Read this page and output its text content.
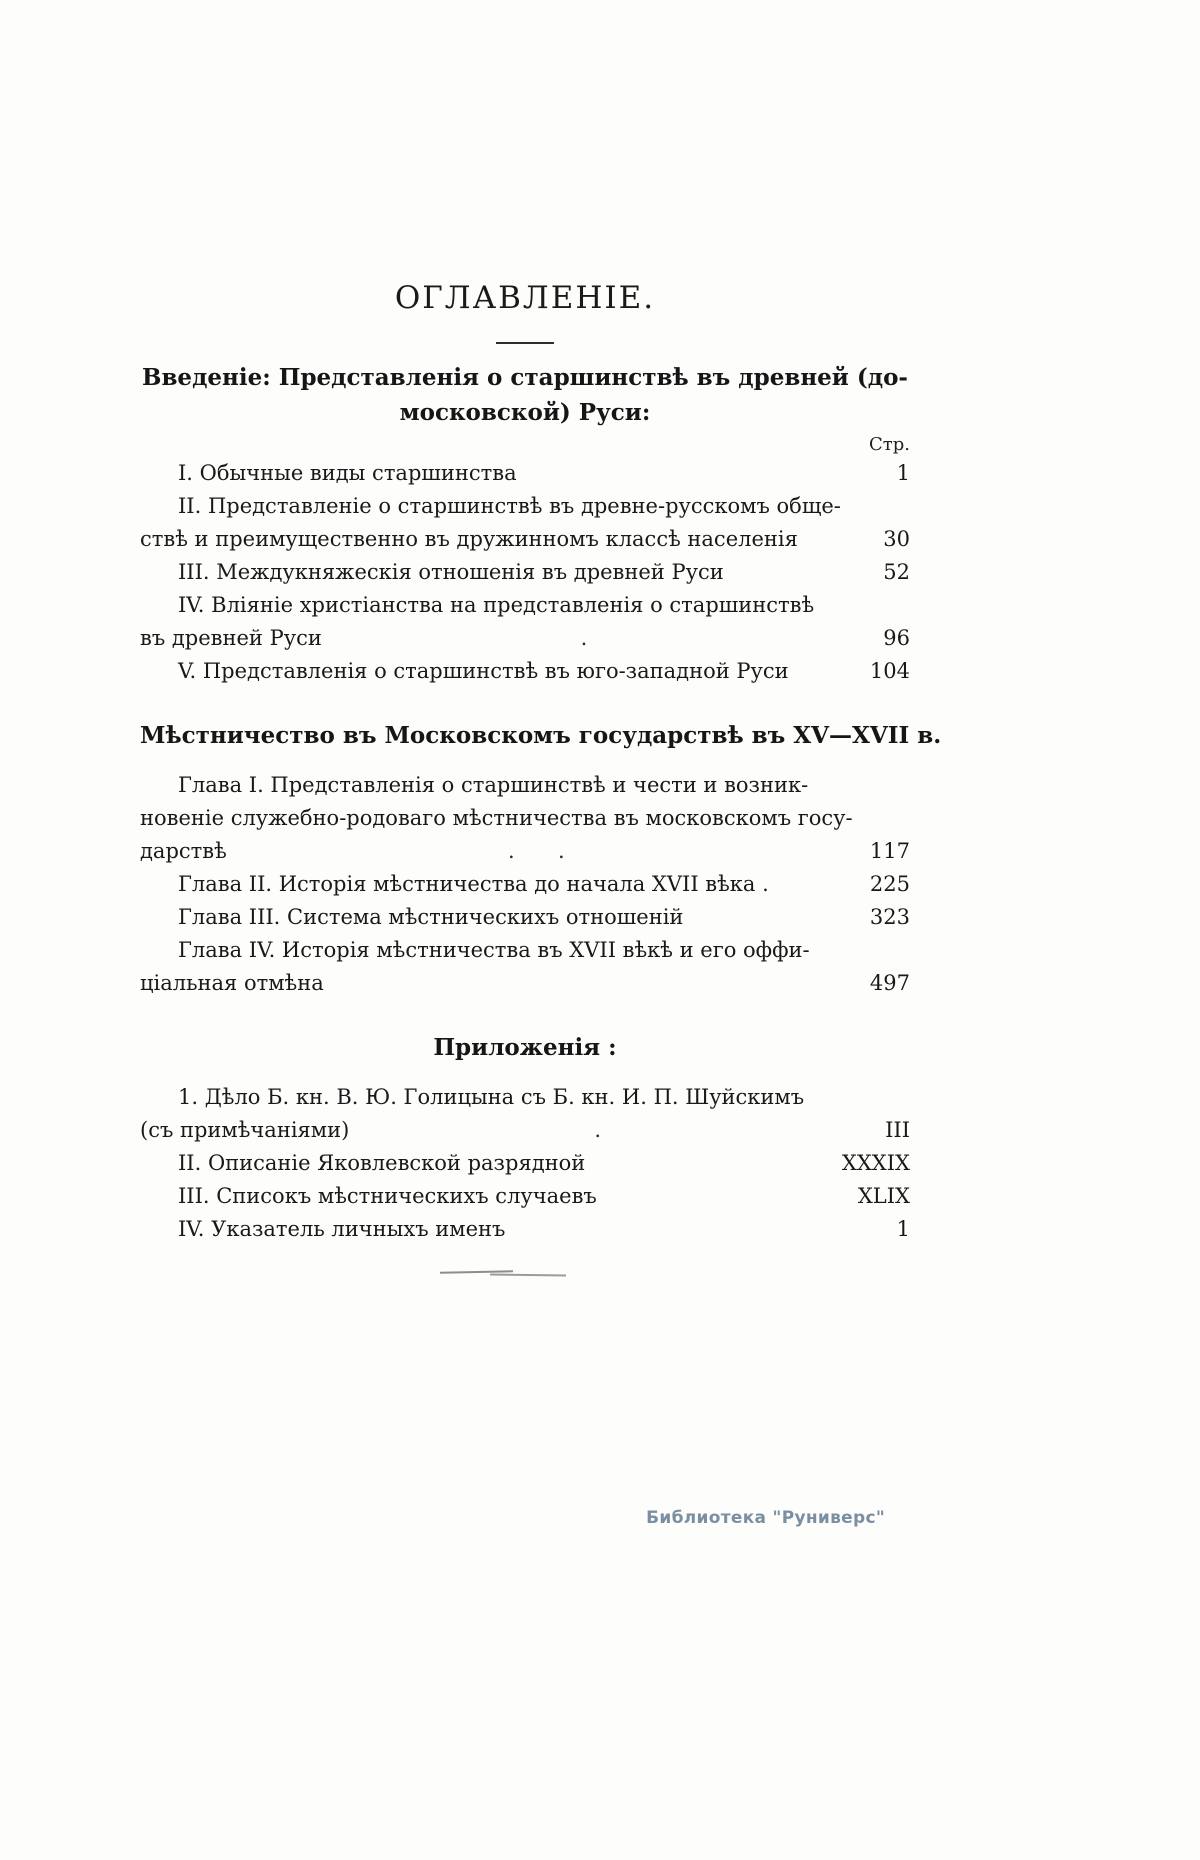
ОГЛАВЛЕНІЕ.
Введеніе: Представленія о старшинствѣ въ древней (до-
московской) Руси:
Стр.
I. Обычные виды старшинства	1
II. Представленіе о старшинствѣ въ древне-русскомъ обще-
ствѣ и преимущественно въ дружинномъ классѣ населенія	30
III. Междукняжескія отношенія въ древней Руси	52
IV. Вліяніе христіанства на представленія о старшинствѣ
въ древней Руси	.	96
V. Представленія о старшинствѣ въ юго-западной Руси	104
Мѣстничество въ Московскомъ государствѣ въ XV—XVII в.
Глава I. Представленія о старшинствѣ и чести и возник-
новеніе служебно-родоваго мѣстничества въ московскомъ госу-
дарствѣ	.  .	117
Глава II. Исторія мѣстничества до начала XVII вѣка .	225
Глава III. Система мѣстническихъ отношеній	323
Глава IV. Исторія мѣстничества въ XVII вѣкѣ и его оффи-
ціальная отмѣна	497
Приложенія :
1. Дѣло Б. кн. В. Ю. Голицына съ Б. кн. И. П. Шуйскимъ
(съ примѣчаніями)	.	III
II. Описаніе Яковлевской разрядной	XXXIX
III. Списокъ мѣстническихъ случаевъ	XLIX
IV. Указатель личныхъ именъ	1
Библиотека "Руниверс"
